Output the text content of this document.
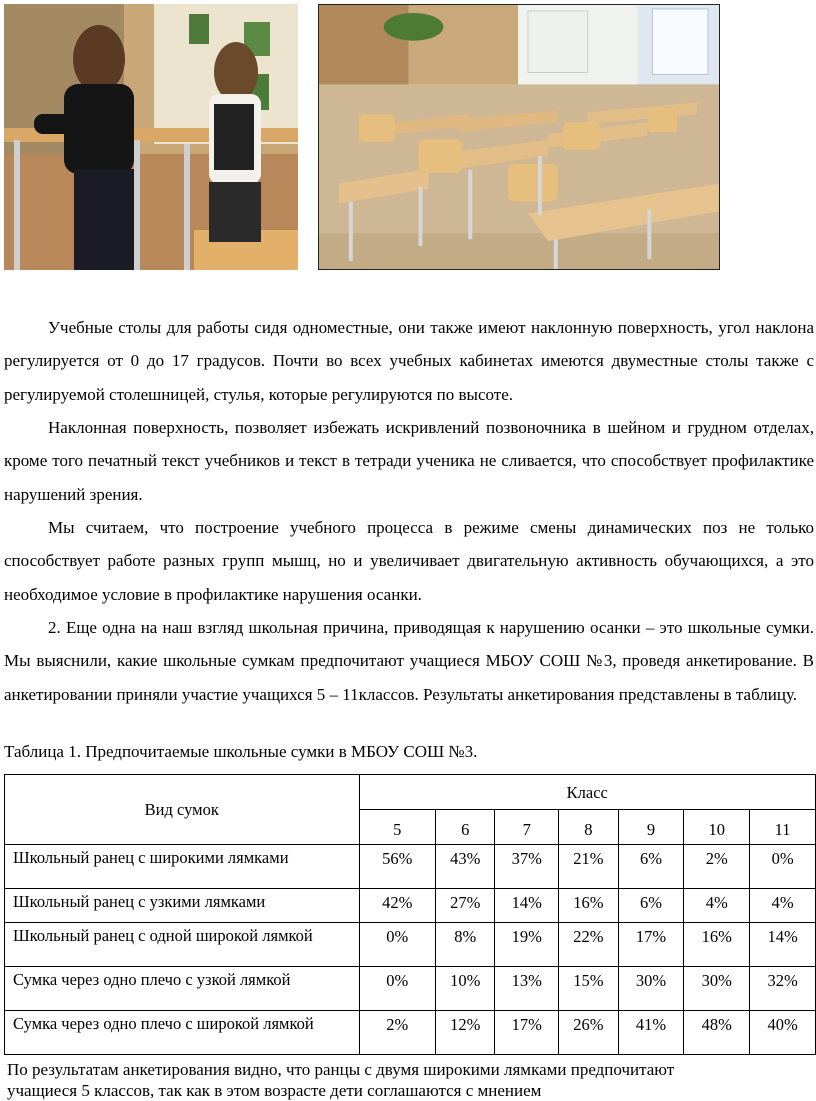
Учебные столы для работы сидя одноместные, они также имеют наклонную поверхность, угол наклона регулируется от 0 до 17 градусов. Почти во всех учебных кабинетах имеются двуместные столы также с регулируемой столешницей, стулья, которые регулируются по высоте.

Наклонная поверхность, позволяет избежать искривлений позвоночника в шейном и грудном отделах, кроме того печатный текст учебников и текст в тетради ученика не сливается, что способствует профилактике нарушений зрения.

Мы считаем, что построение учебного процесса в режиме смены динамических поз не только способствует работе разных групп мышц, но и увеличивает двигательную активность обучающихся, а это необходимое условие в профилактике нарушения осанки.

2. Еще одна на наш взгляд школьная причина, приводящая к нарушению осанки – это школьные сумки. Мы выяснили, какие школьные сумкам предпочитают учащиеся МБОУ СОШ №3, проведя анкетирование. В анкетировании приняли участие учащихся 5 – 11классов. Результаты анкетирования представлены в таблицу.

Таблица 1. Предпочитаемые школьные сумки в МБОУ СОШ №3.
Вид сумок	Класс						
	5	6	7	8	9	10	11
Школьный ранец с широкими лямками	56%	43%	37%	21%	6%	2%	0%
Школьный ранец с узкими лямками	42%	27%	14%	16%	6%	4%	4%
Школьный ранец с одной широкой лямкой	0%	8%	19%	22%	17%	16%	14%
Сумка через одно плечо с узкой лямкой	0%	10%	13%	15%	30%	30%	32%
Сумка через одно плечо с широкой лямкой	2%	12%	17%	26%	41%	48%	40%

По результатам анкетирования видно, что ранцы с двумя широкими лямками предпочитают

учащиеся 5 классов, так как в этом возрасте дети соглашаются с мнением
